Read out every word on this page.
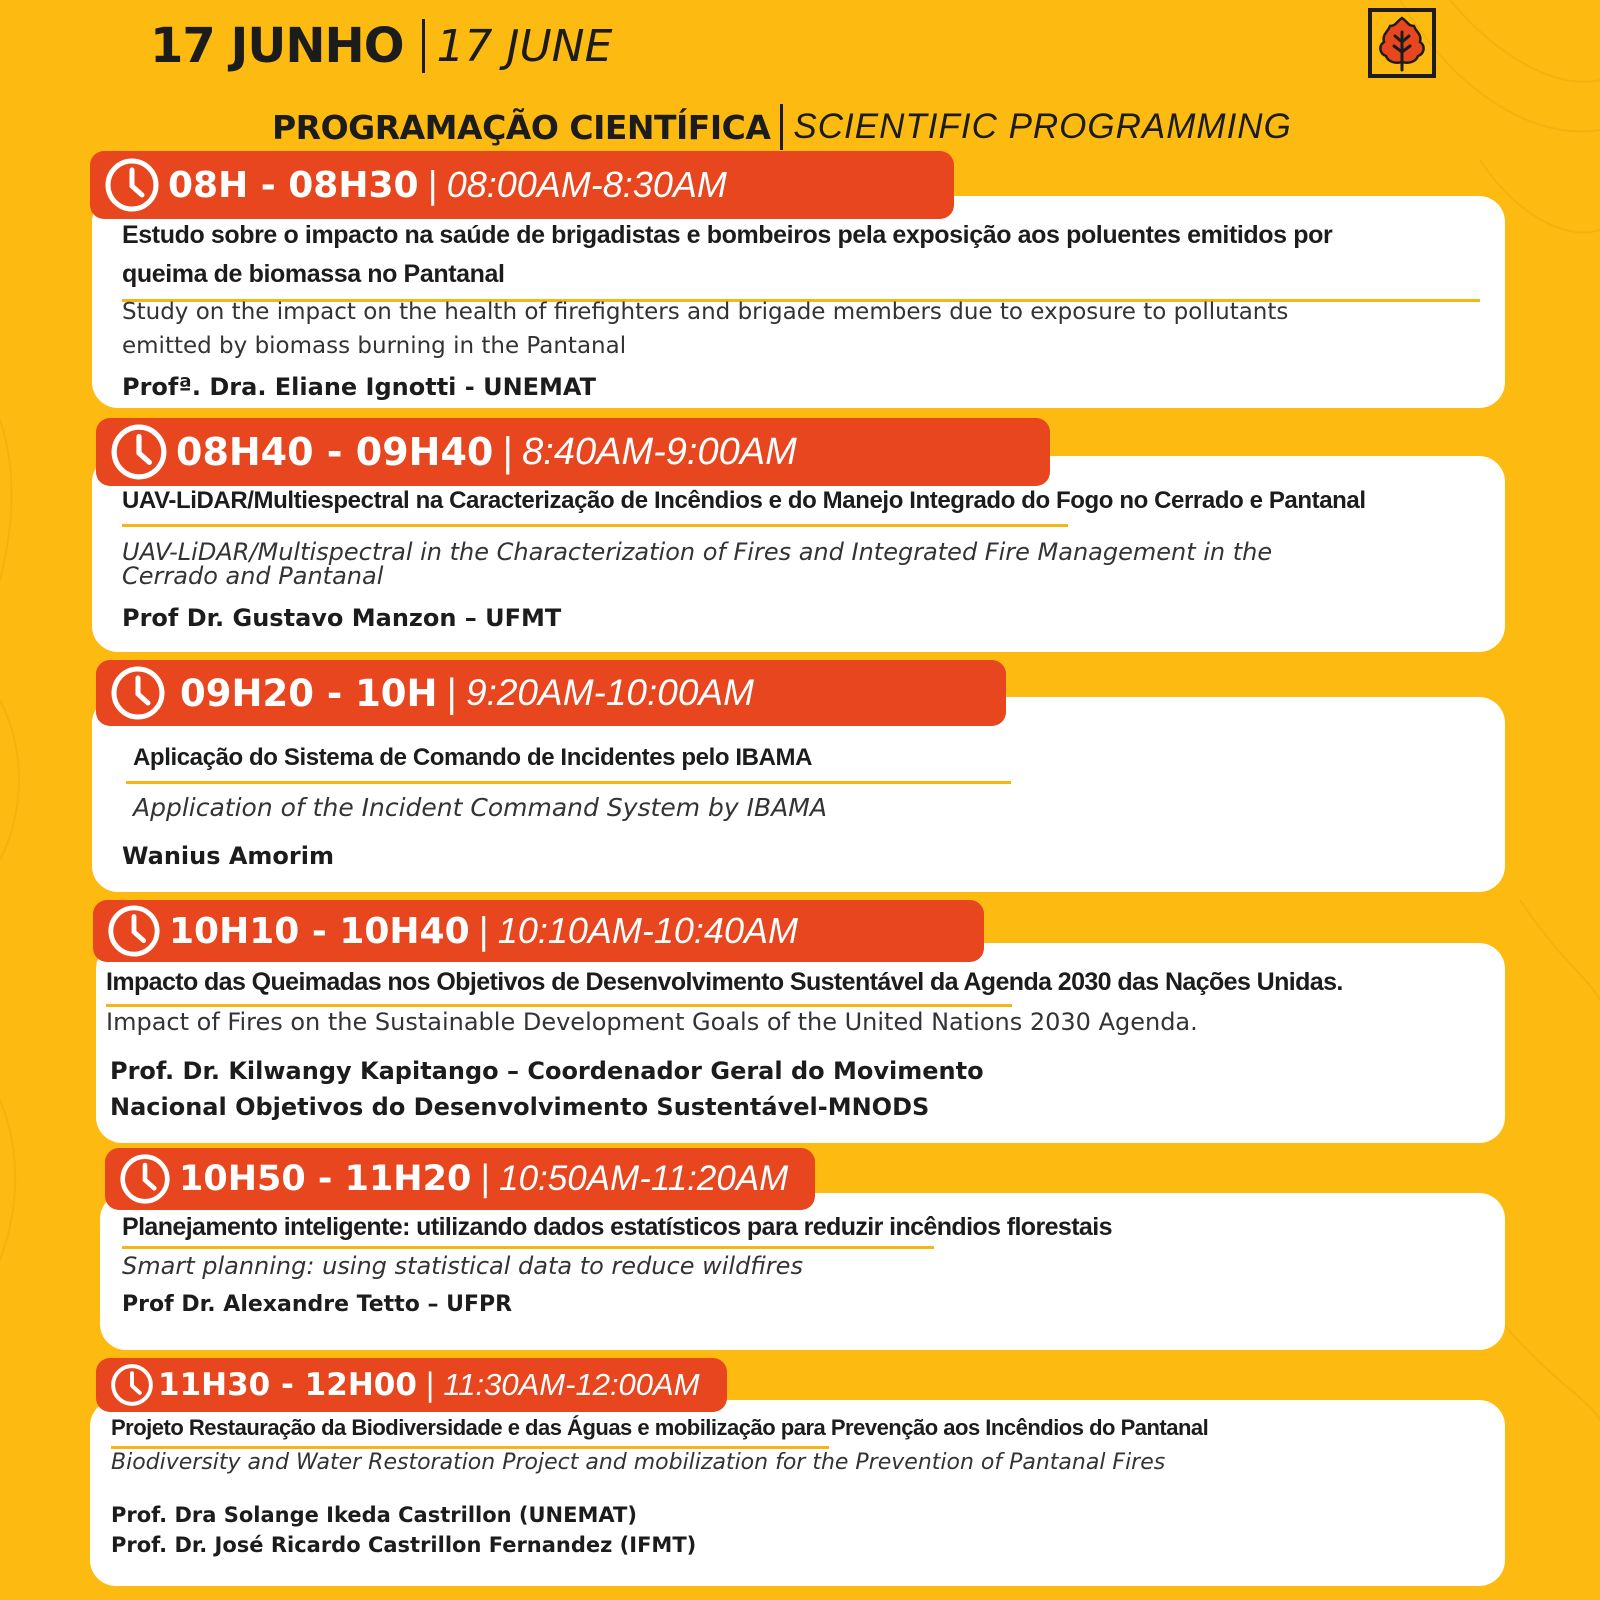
17 JUNHO 17 JUNE
PROGRAMAÇÃO CIENTÍFICA SCIENTIFIC PROGRAMMING
08H - 08H30 | 08:00AM-8:30AM
Estudo sobre o impacto na saúde de brigadistas e bombeiros pela exposição aos poluentes emitidos por
queima de biomassa no Pantanal
Study on the impact on the health of firefighters and brigade members due to exposure to pollutants
emitted by biomass burning in the Pantanal
Profª. Dra. Eliane Ignotti - UNEMAT
08H40 - 09H40 | 8:40AM-9:00AM
UAV-LiDAR/Multiespectral na Caracterização de Incêndios e do Manejo Integrado do Fogo no Cerrado e Pantanal
UAV-LiDAR/Multispectral in the Characterization of Fires and Integrated Fire Management in the
Cerrado and Pantanal
Prof Dr. Gustavo Manzon – UFMT
09H20 - 10H | 9:20AM-10:00AM
Aplicação do Sistema de Comando de Incidentes pelo IBAMA
Application of the Incident Command System by IBAMA
Wanius Amorim
10H10 - 10H40 | 10:10AM-10:40AM
Impacto das Queimadas nos Objetivos de Desenvolvimento Sustentável da Agenda 2030 das Nações Unidas.
Impact of Fires on the Sustainable Development Goals of the United Nations 2030 Agenda.
Prof. Dr. Kilwangy Kapitango – Coordenador Geral do Movimento
Nacional Objetivos do Desenvolvimento Sustentável-MNODS
10H50 - 11H20 | 10:50AM-11:20AM
Planejamento inteligente: utilizando dados estatísticos para reduzir incêndios florestais
Smart planning: using statistical data to reduce wildfires
Prof Dr. Alexandre Tetto – UFPR
11H30 - 12H00 | 11:30AM-12:00AM
Projeto Restauração da Biodiversidade e das Águas e mobilização para Prevenção aos Incêndios do Pantanal
Biodiversity and Water Restoration Project and mobilization for the Prevention of Pantanal Fires
Prof. Dra Solange Ikeda Castrillon (UNEMAT)
Prof. Dr. José Ricardo Castrillon Fernandez (IFMT)
